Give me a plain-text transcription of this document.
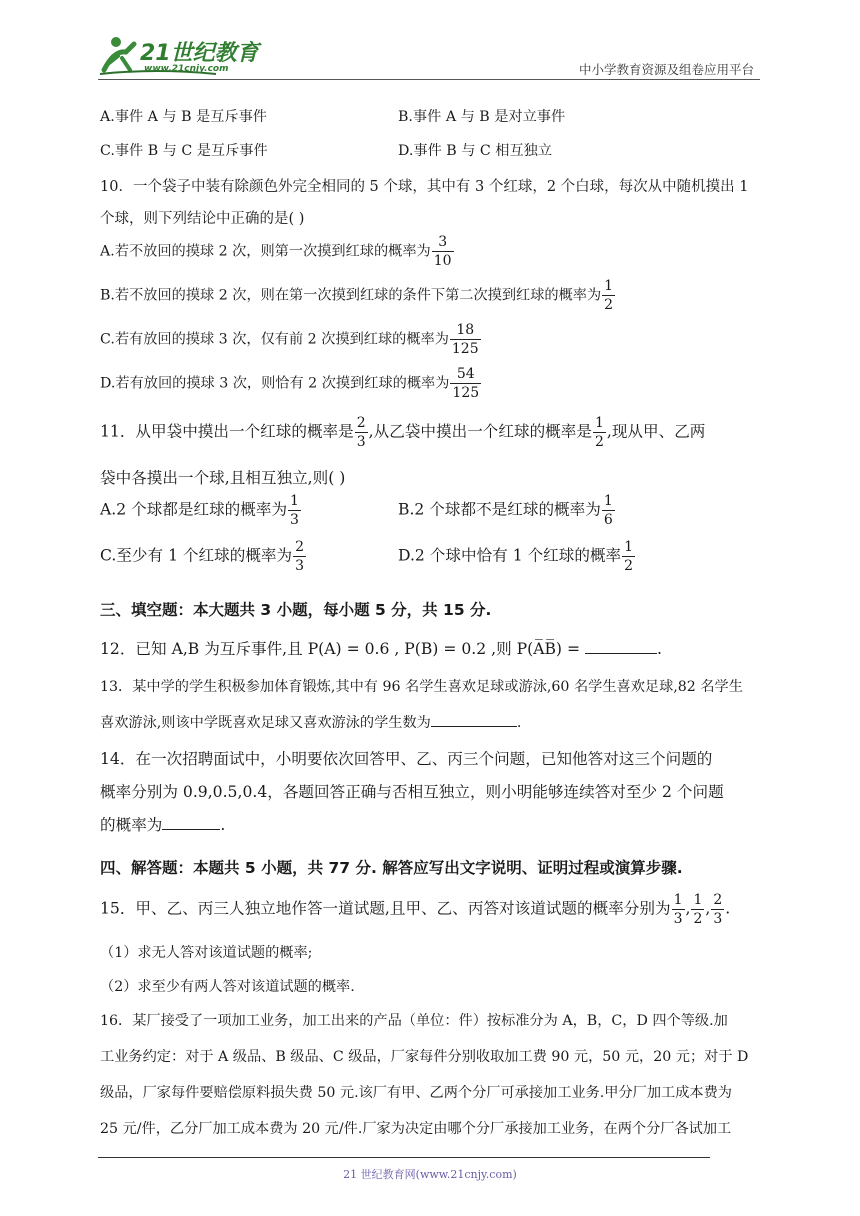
21世纪教育
www.21cnjy.com	中小学教育资源及组卷应用平台
A.事件 A 与 B 是互斥事件	B.事件 A 与 B 是对立事件
C.事件 B 与 C 是互斥事件	D.事件 B 与 C 相互独立
10．一个袋子中装有除颜色外完全相同的 5 个球，其中有 3 个红球，2 个白球，每次从中随机摸出 1
个球，则下列结论中正确的是( )
A.若不放回的摸球 2 次，则第一次摸到红球的概率为 $\frac{3}{10}$
B.若不放回的摸球 2 次，则在第一次摸到红球的条件下第二次摸到红球的概率为 $\frac{1}{2}$
C.若有放回的摸球 3 次，仅有前 2 次摸到红球的概率为 $\frac{18}{125}$
D.若有放回的摸球 3 次，则恰有 2 次摸到红球的概率为 $\frac{54}{125}$
11．从甲袋中摸出一个红球的概率是 $\frac{2}{3}$ ,从乙袋中摸出一个红球的概率是 $\frac{1}{2}$ ,现从甲、乙两
袋中各摸出一个球,且相互独立,则( )
A.2 个球都是红球的概率为 $\frac{1}{3}$	B.2 个球都不是红球的概率为 $\frac{1}{6}$
C.至少有 1 个红球的概率为 $\frac{2}{3}$	D.2 个球中恰有 1 个红球的概率 $\frac{1}{2}$
三、填空题：本大题共 3 小题，每小题 5 分，共 15 分.
12．已知 A,B 为互斥事件,且 P(A) = 0.6 , P(B) = 0.2 ,则 P(A̅B̅) =	.
13．某中学的学生积极参加体育锻炼,其中有 96 名学生喜欢足球或游泳,60 名学生喜欢足球,82 名学生
喜欢游泳,则该中学既喜欢足球又喜欢游泳的学生数为	.
14．在一次招聘面试中，小明要依次回答甲、乙、丙三个问题，已知他答对这三个问题的
概率分别为 0.9,0.5,0.4，各题回答正确与否相互独立，则小明能够连续答对至少 2 个问题
的概率为	.
四、解答题：本题共 5 小题，共 77 分. 解答应写出文字说明、证明过程或演算步骤.
15．甲、乙、丙三人独立地作答一道试题,且甲、乙、丙答对该道试题的概率分别为 $\frac{1}{3}$ , $\frac{1}{2}$ , $\frac{2}{3}$ .
（1）求无人答对该道试题的概率;
（2）求至少有两人答对该道试题的概率.
16．某厂接受了一项加工业务，加工出来的产品（单位：件）按标准分为 A，B，C，D 四个等级.加
工业务约定：对于 A 级品、B 级品、C 级品，厂家每件分别收取加工费 90 元，50 元，20 元；对于 D
级品，厂家每件要赔偿原料损失费 50 元.该厂有甲、乙两个分厂可承接加工业务.甲分厂加工成本费为
25 元/件，乙分厂加工成本费为 20 元/件.厂家为决定由哪个分厂承接加工业务，在两个分厂各试加工
21 世纪教育网(www.21cnjy.com)
